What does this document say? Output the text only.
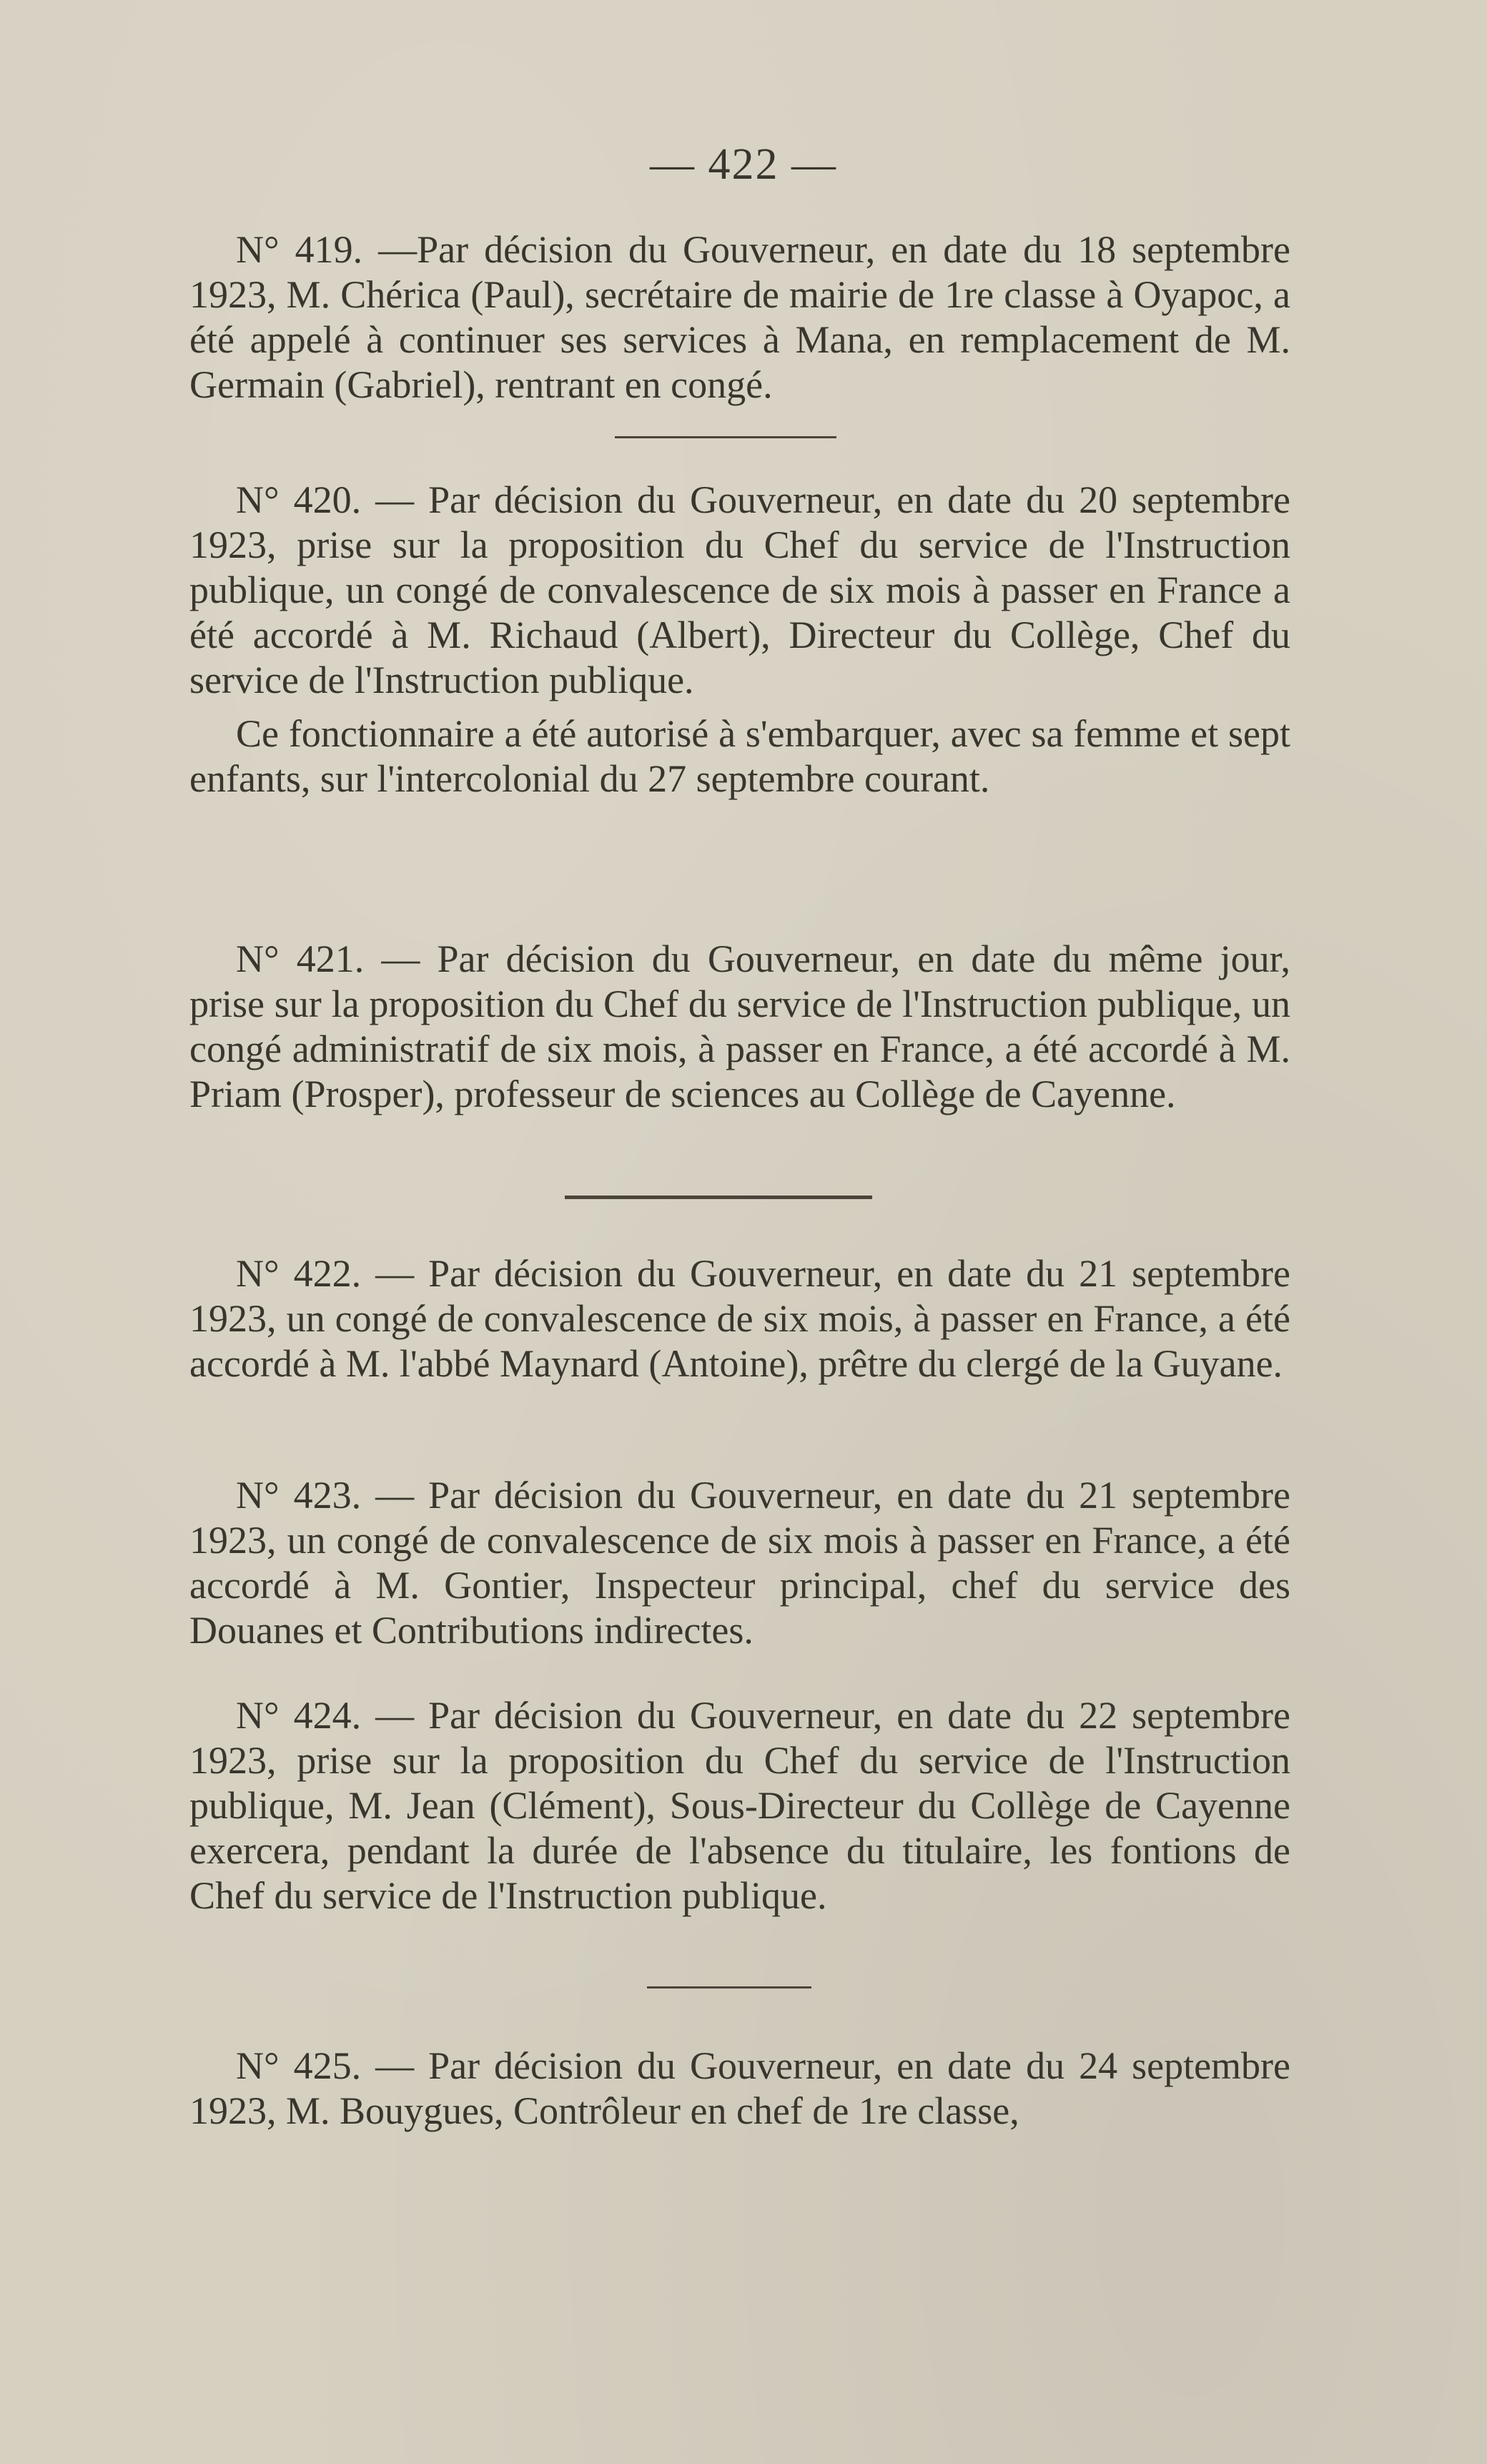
— 422 —

N° 419. —Par décision du Gouverneur, en date du 18 septembre 1923, M. Chérica (Paul), secrétaire de mairie de 1re classe à Oyapoc, a été appelé à continuer ses services à Mana, en remplacement de M. Germain (Gabriel), rentrant en congé.

N° 420. — Par décision du Gouverneur, en date du 20 septembre 1923, prise sur la proposition du Chef du service de l'Instruction publique, un congé de convalescence de six mois à passer en France a été accordé à M. Richaud (Albert), Directeur du Collège, Chef du service de l'Instruction publique.

Ce fonctionnaire a été autorisé à s'embarquer, avec sa femme et sept enfants, sur l'intercolonial du 27 septembre courant.

N° 421. — Par décision du Gouverneur, en date du même jour, prise sur la proposition du Chef du service de l'Instruction publique, un congé administratif de six mois, à passer en France, a été accordé à M. Priam (Prosper), professeur de sciences au Collège de Cayenne.

N° 422. — Par décision du Gouverneur, en date du 21 septembre 1923, un congé de convalescence de six mois, à passer en France, a été accordé à M. l'abbé Maynard (Antoine), prêtre du clergé de la Guyane.

N° 423. — Par décision du Gouverneur, en date du 21 septembre 1923, un congé de convalescence de six mois à passer en France, a été accordé à M. Gontier, Inspecteur principal, chef du service des Douanes et Contributions indirectes.

N° 424. — Par décision du Gouverneur, en date du 22 septembre 1923, prise sur la proposition du Chef du service de l'Instruction publique, M. Jean (Clément), Sous-Directeur du Collège de Cayenne exercera, pendant la durée de l'absence du titulaire, les fontions de Chef du service de l'Instruction publique.

N° 425. — Par décision du Gouverneur, en date du 24 septembre 1923, M. Bouygues, Contrôleur en chef de 1re classe,
